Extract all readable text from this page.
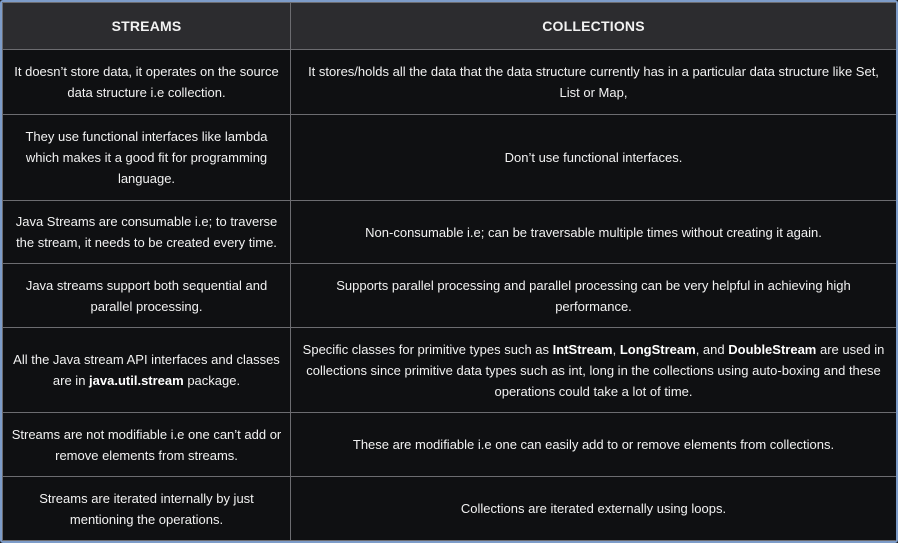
STREAMS	COLLECTIONS
It doesn’t store data, it operates on the source data structure i.e collection.	It stores/holds all the data that the data structure currently has in a particular data structure like Set, List or Map,
They use functional interfaces like lambda which makes it a good fit for programming language.	Don’t use functional interfaces.
Java Streams are consumable i.e; to traverse the stream, it needs to be created every time.	Non-consumable i.e; can be traversable multiple times without creating it again.
Java streams support both sequential and parallel processing.	Supports parallel processing and parallel processing can be very helpful in achieving high performance.
All the Java stream API interfaces and classes are in java.util.stream package.	Specific classes for primitive types such as IntStream, LongStream, and DoubleStream are used in collections since primitive data types such as int, long in the collections using auto-boxing and these operations could take a lot of time.
Streams are not modifiable i.e one can’t add or remove elements from streams.	These are modifiable i.e one can easily add to or remove elements from collections.
Streams are iterated internally by just mentioning the operations.	Collections are iterated externally using loops.
